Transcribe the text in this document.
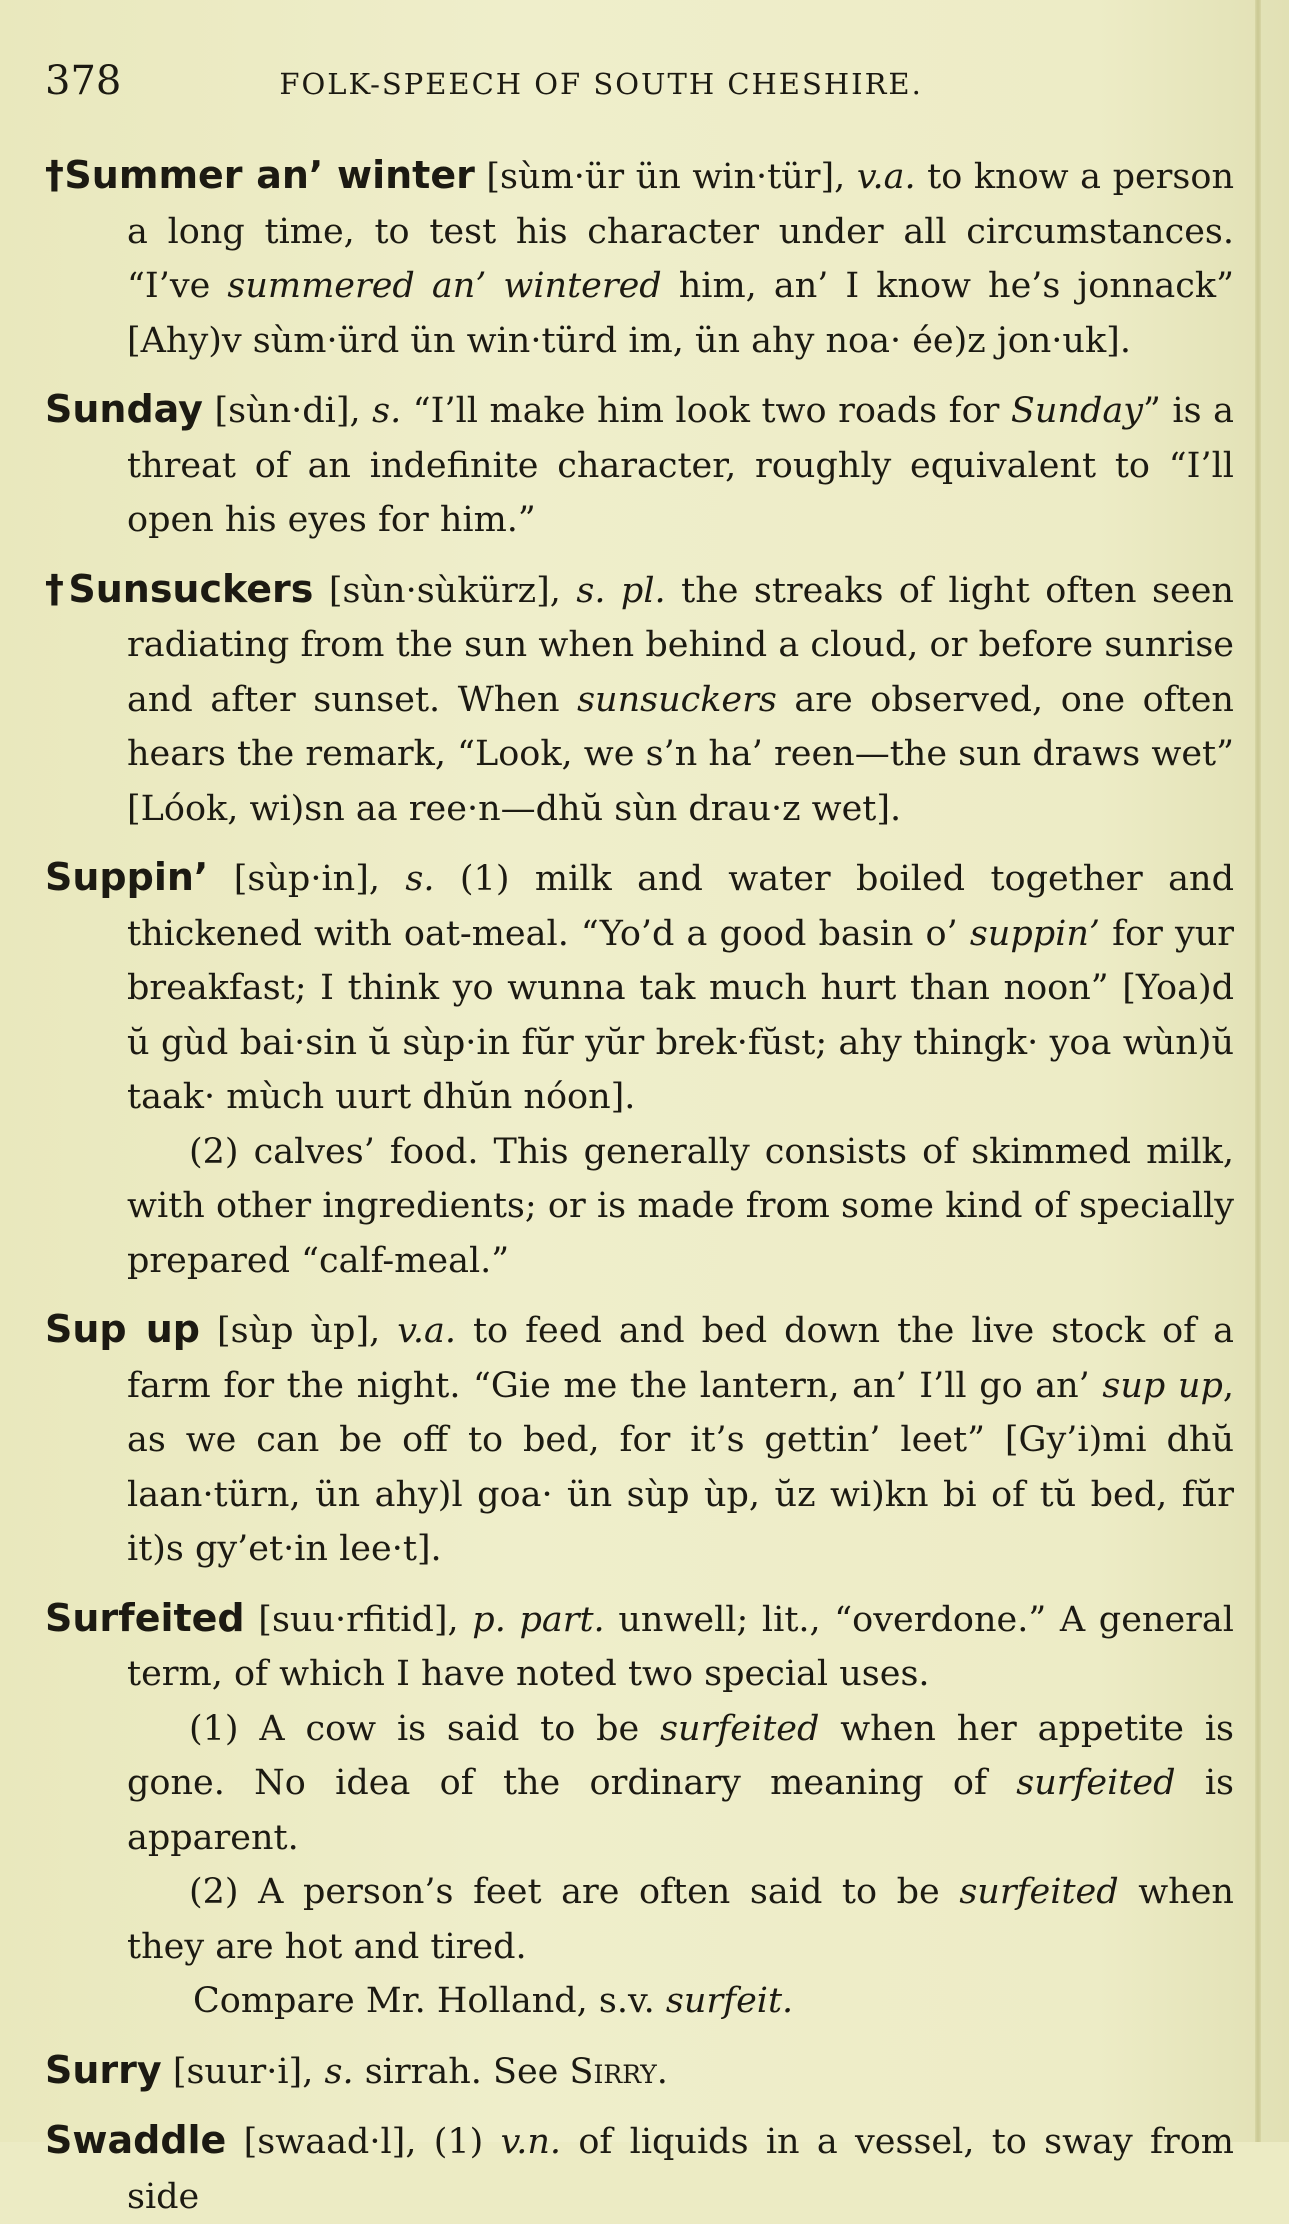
378	FOLK-SPEECH OF SOUTH CHESHIRE.

†Summer an’ winter [sùm·ür ün win·tür], v.a. to know a person a long time, to test his character under all circumstances. “I’ve summered an’ wintered him, an’ I know he’s jonnack” [Ahy)v sùm·ürd ün win·türd im, ün ahy noa· ée)z jon·uk].

Sunday [sùn·di], s. “I’ll make him look two roads for Sunday” is a threat of an indefinite character, roughly equivalent to “I’ll open his eyes for him.”

†Sunsuckers [sùn·sùkürz], s. pl. the streaks of light often seen radiating from the sun when behind a cloud, or before sunrise and after sunset. When sunsuckers are observed, one often hears the remark, “Look, we s’n ha’ reen—the sun draws wet” [Lóok, wi)sn aa ree·n—dhŭ sùn drau·z wet].

Suppin’ [sùp·in], s. (1) milk and water boiled together and thickened with oat-meal. “Yo’d a good basin o’ suppin’ for yur breakfast; I think yo wunna tak much hurt than noon” [Yoa)d ŭ gùd bai·sin ŭ sùp·in fŭr yŭr brek·fŭst; ahy thingk· yoa wùn)ŭ taak· mùch uurt dhŭn nóon].
(2) calves’ food. This generally consists of skimmed milk, with other ingredients; or is made from some kind of specially prepared “calf-meal.”

Sup up [sùp ùp], v.a. to feed and bed down the live stock of a farm for the night. “Gie me the lantern, an’ I’ll go an’ sup up, as we can be off to bed, for it’s gettin’ leet” [Gy’i)mi dhŭ laan·türn, ün ahy)l goa· ün sùp ùp, ŭz wi)kn bi of tŭ bed, fŭr it)s gy’et·in lee·t].

Surfeited [suu·rfitid], p. part. unwell; lit., “overdone.” A general term, of which I have noted two special uses.
(1) A cow is said to be surfeited when her appetite is gone. No idea of the ordinary meaning of surfeited is apparent.
(2) A person’s feet are often said to be surfeited when they are hot and tired.
Compare Mr. Holland, s.v. surfeit.

Surry [suur·i], s. sirrah. See Sirry.

Swaddle [swaad·l], (1) v.n. of liquids in a vessel, to sway from side
